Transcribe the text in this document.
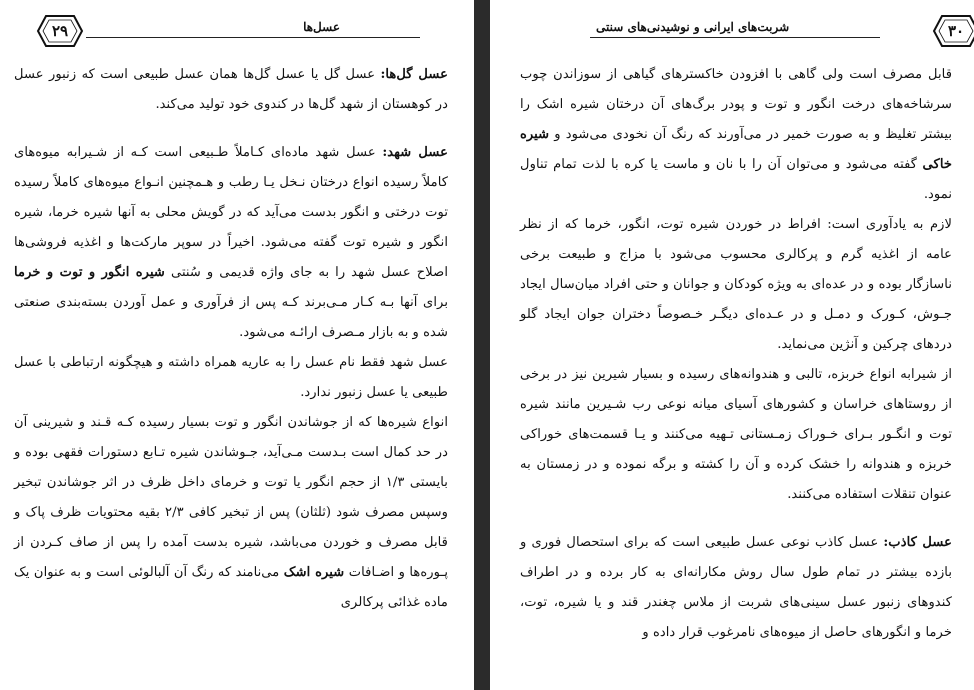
۲۹	عسل‌ها

عسل گل‌ها: عسل گل یا عسل گل‌ها همان عسل طبیعی است که زنبور عسل در کوهستان از شهد گل‌ها در کندوی خود تولید می‌کند.

عسل شهد: عسل شهد ماده‌ای کـاملاً طـبیعی است کـه از شـیرابه میوه‌های کاملاً رسیده انواع درختان نـخل یـا رطب و هـمچنین انـواع میوه‌های کاملاً رسیده توت درختی و انگور بدست می‌آید که در گویش محلی به آنها شیره خرما، شیره انگور و شیره توت گفته می‌شود. اخیراً در سوپر مارکت‌ها و اغذیه فروشی‌ها اصلاح عسل شهد را به جای واژه قدیمی و سُنتی شیره انگور و توت و خرما برای آنها بـه کـار مـی‌برند کـه پس از فرآوری و عمل آوردن بسته‌بندی صنعتی شده و به بازار مـصرف ارائـه می‌شود.

عسل شهد فقط نام عسل را به عاریه همراه داشته و هیچگونه ارتباطی با عسل طبیعی یا عسل زنبور ندارد.

انواع شیره‌ها که از جوشاندن انگور و توت بسیار رسیده کـه قـند و شیرینی آن در حد کمال است بـدست مـی‌آید، جـوشاندن شیره تـابع دستورات فقهی بوده و بایستی ۱/۳ از حجم انگور یا توت و خرمای داخل ظرف در اثر جوشاندن تبخیر وسپس مصرف شود (ثلثان) پس از تبخیر کافی ۲/۳ بقیه محتویات ظرف پاک و قابل مصرف و خوردن می‌باشد، شیره بدست آمده را پس از صاف کـردن از پـوره‌ها و اضـافات شیره اشک می‌نامند که رنگ آن آلبالوئی است و به عنوان یک ماده غذائی پرکالری

۳۰
شربت‌های ایرانی و نوشیدنی‌های سنتی

قابل مصرف است ولی گاهی با افزودن خاکسترهای گیاهی از سوزاندن چوب سرشاخه‌های درخت انگور و توت و پودر برگ‌های آن درختان شیره اشک را بیشتر تغلیظ و به صورت خمیر در می‌آورند که رنگ آن نخودی می‌شود و شیره خاکی گفته می‌شود و می‌توان آن را با نان و ماست یا کره با لذت تمام تناول نمود.

لازم به یادآوری است: افراط در خوردن شیره توت، انگور، خرما که از نظر عامه از اغذیه گرم و پرکالری محسوب می‌شود با مزاج و طبیعت برخی ناسازگار بوده و در عده‌ای به ویژه کودکان و جوانان و حتی افراد میان‌سال ایجاد جـوش، کـورک و دمـل و در عـده‌ای دیگـر خـصوصاً دختران جوان ایجاد گلو دردهای چرکین و آنژین می‌نماید.

از شیرابه انواع خربزه، تالبی و هندوانه‌های رسیده و بسیار شیرین نیز در برخی از روستاهای خراسان و کشورهای آسیای میانه نوعی رب شـیرین مانند شیره توت و انگـور بـرای خـوراک زمـستانی تـهیه می‌کنند و یـا قسمت‌های خوراکی خربزه و هندوانه را خشک کرده و آن را کشته و برگه نموده و در زمستان به عنوان تنقلات استفاده می‌کنند.

عسل کاذب: عسل کاذب نوعی عسل طبیعی است که برای استحصال فوری و بازده بیشتر در تمام طول سال روش مکارانه‌ای به کار برده و در اطراف کندوهای زنبور عسل سینی‌های شربت از ملاس چغندر قند و یا شیره، توت، خرما و انگورهای حاصل از میوه‌های نامرغوب قرار داده و
